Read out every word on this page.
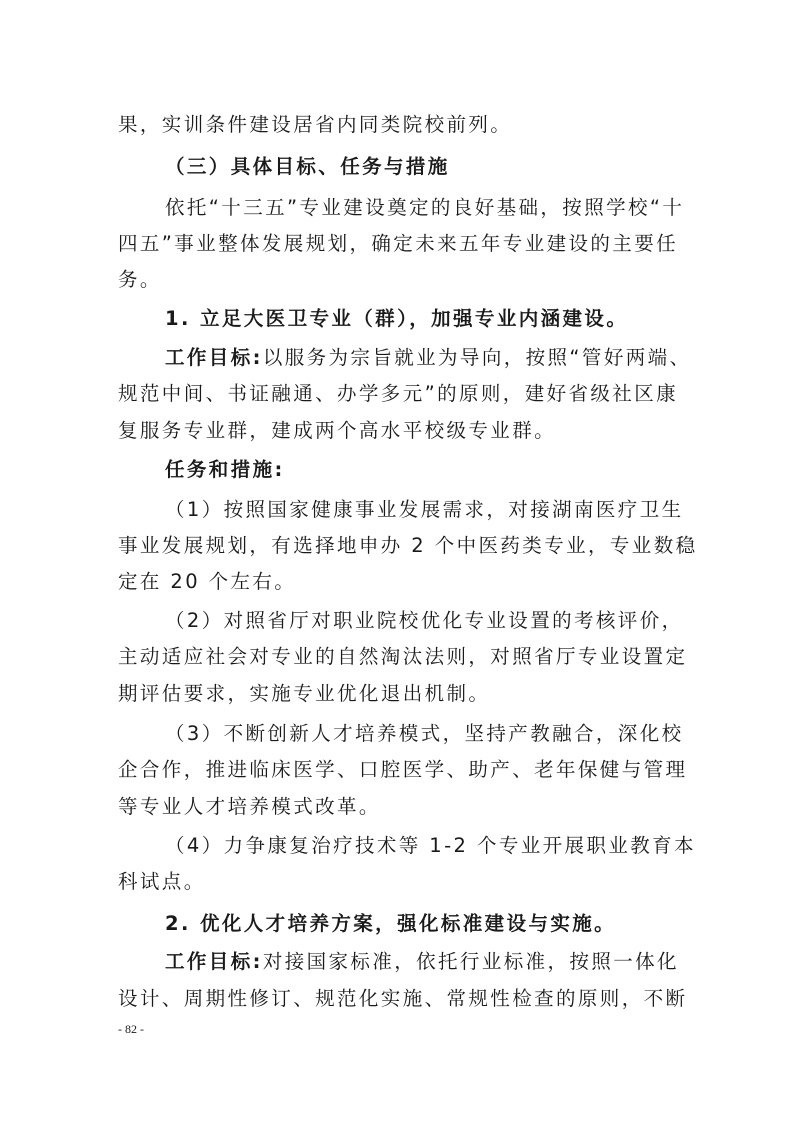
果，实训条件建设居省内同类院校前列。
（三）具体目标、任务与措施
依托“十三五”专业建设奠定的良好基础，按照学校“十
四五”事业整体发展规划，确定未来五年专业建设的主要任
务。
1. 立足大医卫专业（群），加强专业内涵建设。
工作目标:以服务为宗旨就业为导向，按照“管好两端、
规范中间、书证融通、办学多元”的原则，建好省级社区康
复服务专业群，建成两个高水平校级专业群。
任务和措施:
（1）按照国家健康事业发展需求，对接湖南医疗卫生
事业发展规划，有选择地申办 2 个中医药类专业，专业数稳
定在 20 个左右。
（2）对照省厅对职业院校优化专业设置的考核评价，
主动适应社会对专业的自然淘汰法则，对照省厅专业设置定
期评估要求，实施专业优化退出机制。
（3）不断创新人才培养模式，坚持产教融合，深化校
企合作，推进临床医学、口腔医学、助产、老年保健与管理
等专业人才培养模式改革。
（4）力争康复治疗技术等 1-2 个专业开展职业教育本
科试点。
2. 优化人才培养方案，强化标准建设与实施。
工作目标:对接国家标准，依托行业标准，按照一体化
设计、周期性修订、规范化实施、常规性检查的原则，不断
- 82 -
